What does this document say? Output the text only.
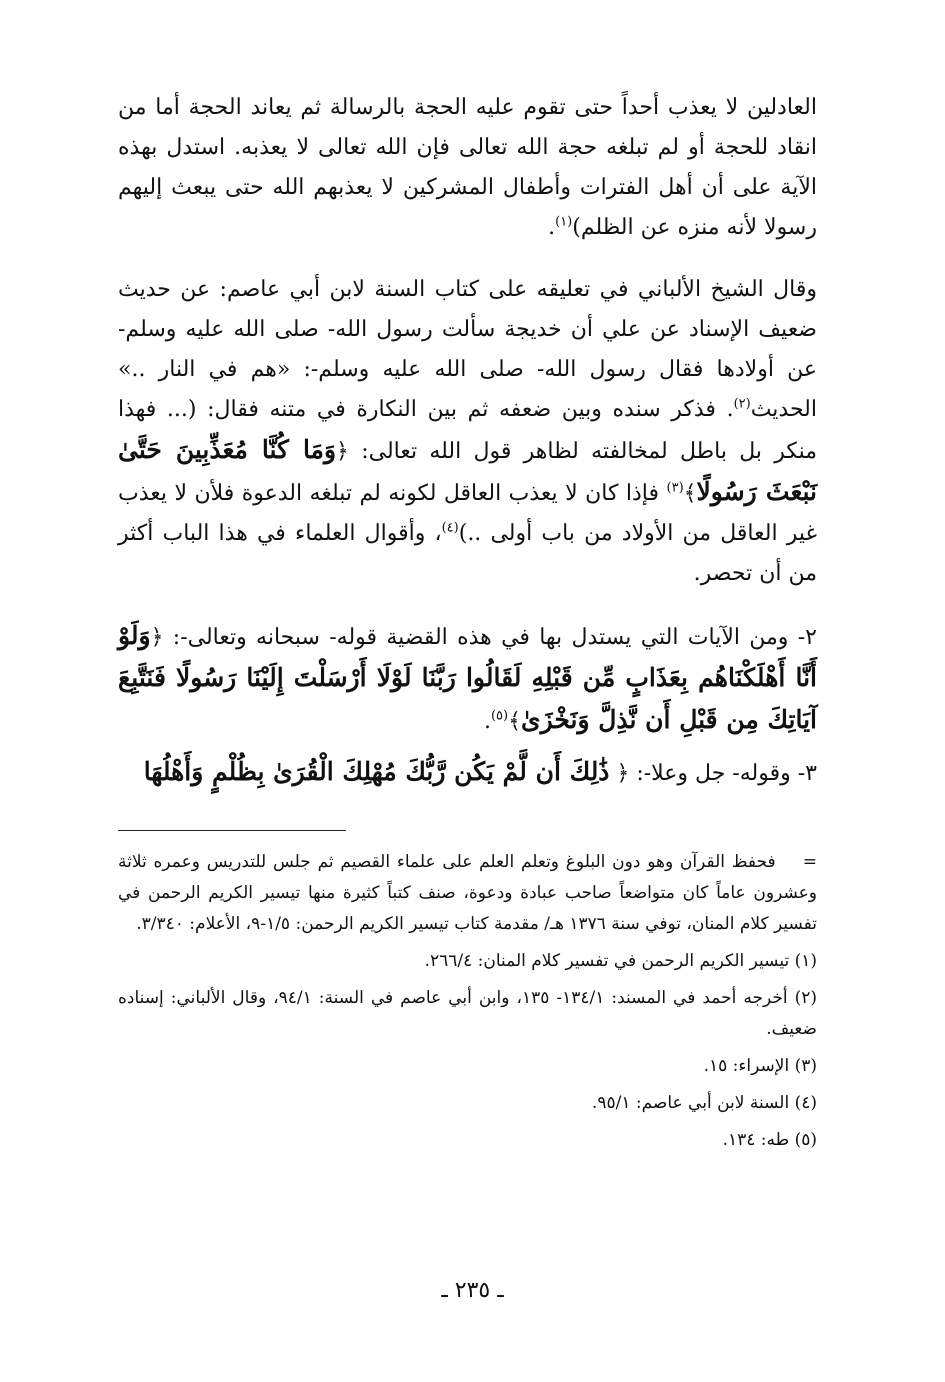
العادلين لا يعذب أحداً حتى تقوم عليه الحجة بالرسالة ثم يعاند الحجة أما من انقاد للحجة أو لم تبلغه حجة الله تعالى فإن الله تعالى لا يعذبه. استدل بهذه الآية على أن أهل الفترات وأطفال المشركين لا يعذبهم الله حتى يبعث إليهم رسولا لأنه منزه عن الظلم)$^{(١)}$.

وقال الشيخ الألباني في تعليقه على كتاب السنة لابن أبي عاصم: عن حديث ضعيف الإسناد عن علي أن خديجة سألت رسول الله- صلى الله عليه وسلم- عن أولادها فقال رسول الله- صلى الله عليه وسلم-: «هم في النار ..» الحديث$^{(٢)}$. فذكر سنده وبين ضعفه ثم بين النكارة في متنه فقال: (... فهذا منكر بل باطل لمخالفته لظاهر قول الله تعالى: ﴿وَمَا كُنَّا مُعَذِّبِينَ حَتَّىٰ نَبْعَثَ رَسُولًا﴾$^{(٣)}$ فإذا كان لا يعذب العاقل لكونه لم تبلغه الدعوة فلأن لا يعذب غير العاقل من الأولاد من باب أولى ..)$^{(٤)}$، وأقوال العلماء في هذا الباب أكثر من أن تحصر.

٢- ومن الآيات التي يستدل بها في هذه القضية قوله- سبحانه وتعالى-: ﴿وَلَوْ أَنَّا أَهْلَكْنَاهُم بِعَذَابٍ مِّن قَبْلِهِ لَقَالُوا رَبَّنَا لَوْلَا أَرْسَلْتَ إِلَيْنَا رَسُولًا فَنَتَّبِعَ آيَاتِكَ مِن قَبْلِ أَن نَّذِلَّ وَنَخْزَىٰ﴾$^{(٥)}$.

٣- وقوله- جل وعلا-: ﴿ ذَٰلِكَ أَن لَّمْ يَكُن رَّبُّكَ مُهْلِكَ الْقُرَىٰ بِظُلْمٍ وَأَهْلُهَا

=    فحفظ القرآن وهو دون البلوغ وتعلم العلم على علماء القصيم ثم جلس للتدريس وعمره ثلاثة وعشرون عاماً كان متواضعاً صاحب عبادة ودعوة، صنف كتباً كثيرة منها تيسير الكريم الرحمن في تفسير كلام المنان، توفي سنة ١٣٧٦ هـ/ مقدمة كتاب تيسير الكريم الرحمن: ١/٥-٩، الأعلام: ٣/٣٤٠.

(١) تيسير الكريم الرحمن في تفسير كلام المنان: ٢٦٦/٤.

(٢) أخرجه أحمد في المسند: ١٣٤/١- ١٣٥، وابن أبي عاصم في السنة: ٩٤/١، وقال الألباني: إسناده ضعيف.

(٣) الإسراء: ١٥.

(٤) السنة لابن أبي عاصم: ٩٥/١.

(٥) طه: ١٣٤.

ـ ٢٣٥ ـ
